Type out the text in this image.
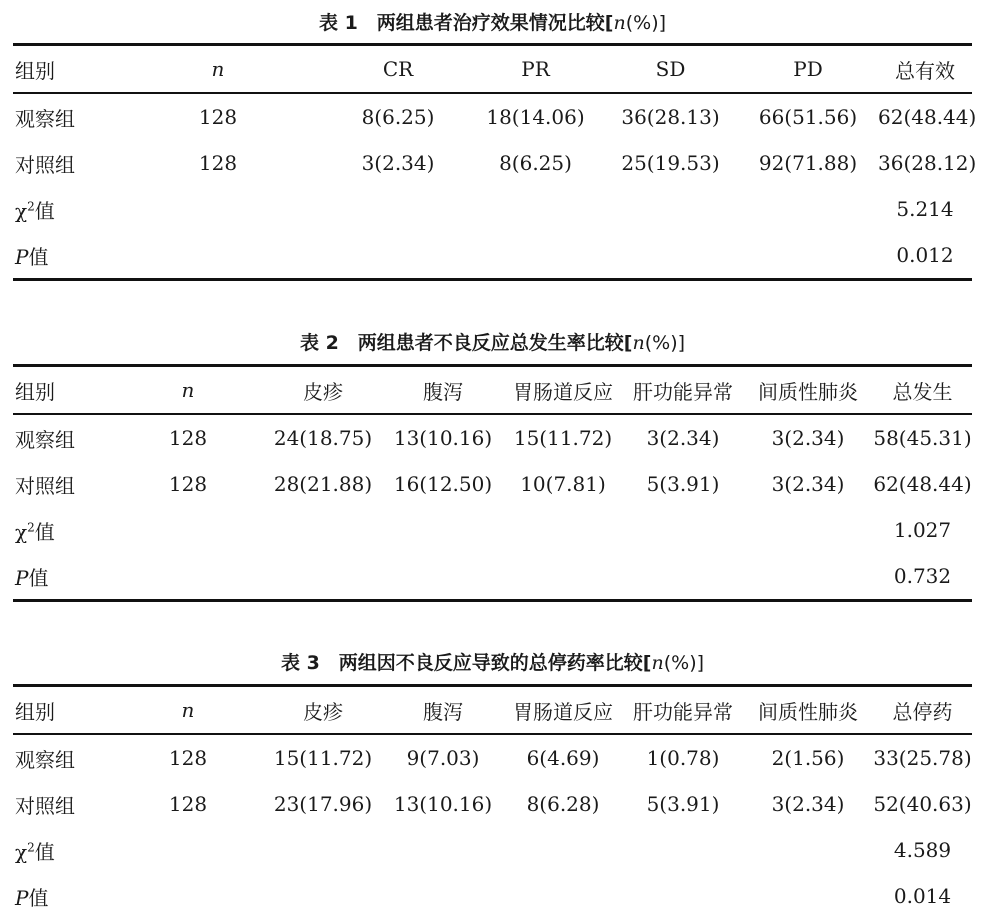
表 1　两组患者治疗效果情况比较[n(%)]
组别	n	CR	PR	SD	PD	总有效
观察组	128	8(6.25)	18(14.06)	36(28.13)	66(51.56)	62(48.44)
对照组	128	3(2.34)	8(6.25)	25(19.53)	92(71.88)	36(28.12)
$\chi^2$值						5.214
P值						0.012
表 2　两组患者不良反应总发生率比较[n(%)]
组别	n	皮疹	腹泻	胃肠道反应	肝功能异常	间质性肺炎	总发生
观察组	128	24(18.75)	13(10.16)	15(11.72)	3(2.34)	3(2.34)	58(45.31)
对照组	128	28(21.88)	16(12.50)	10(7.81)	5(3.91)	3(2.34)	62(48.44)
$\chi^2$值							1.027
P值							0.732
表 3　两组因不良反应导致的总停药率比较[n(%)]
组别	n	皮疹	腹泻	胃肠道反应	肝功能异常	间质性肺炎	总停药
观察组	128	15(11.72)	9(7.03)	6(4.69)	1(0.78)	2(1.56)	33(25.78)
对照组	128	23(17.96)	13(10.16)	8(6.28)	5(3.91)	3(2.34)	52(40.63)
$\chi^2$值							4.589
P值							0.014
